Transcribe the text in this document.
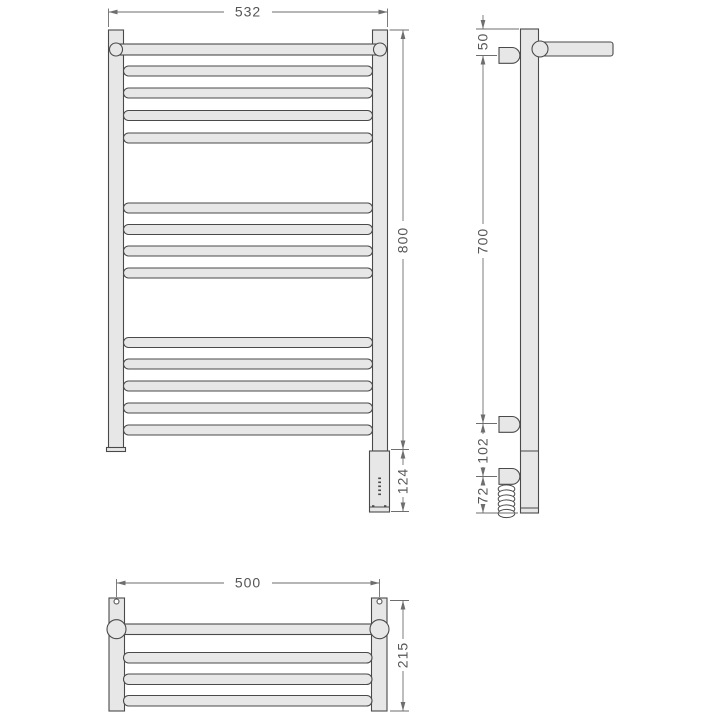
532
800
124
50
700
102
72
500
215
